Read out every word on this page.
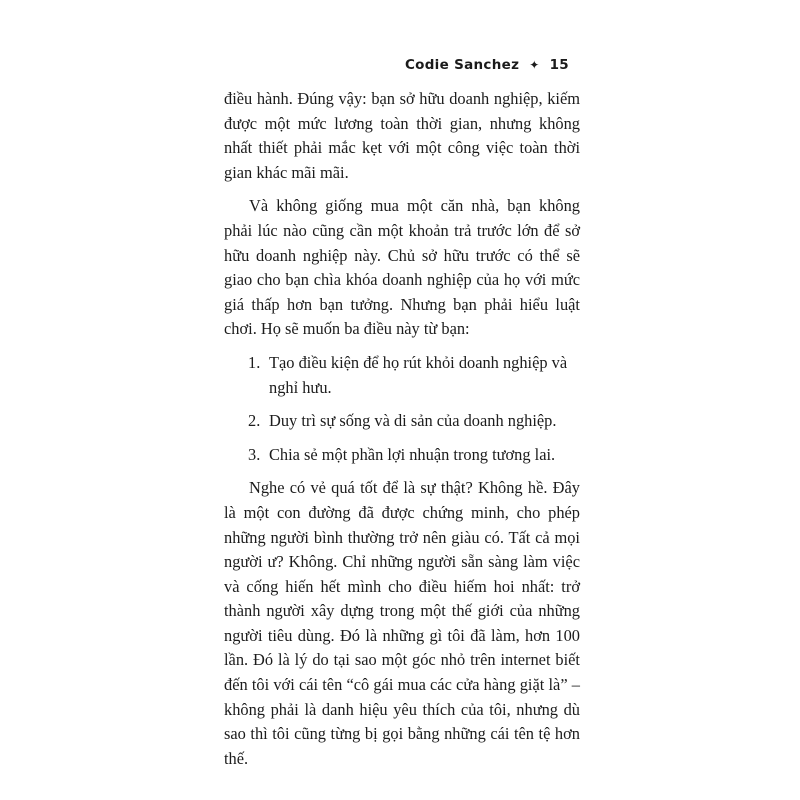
Codie Sanchez ✦ 15

điều hành. Đúng vậy: bạn sở hữu doanh nghiệp, kiếm được một mức lương toàn thời gian, nhưng không nhất thiết phải mắc kẹt với một công việc toàn thời gian khác mãi mãi.

Và không giống mua một căn nhà, bạn không phải lúc nào cũng cần một khoản trả trước lớn để sở hữu doanh nghiệp này. Chủ sở hữu trước có thể sẽ giao cho bạn chìa khóa doanh nghiệp của họ với mức giá thấp hơn bạn tưởng. Nhưng bạn phải hiểu luật chơi. Họ sẽ muốn ba điều này từ bạn:

1. Tạo điều kiện để họ rút khỏi doanh nghiệp và nghỉ hưu.
2. Duy trì sự sống và di sản của doanh nghiệp.
3. Chia sẻ một phần lợi nhuận trong tương lai.

Nghe có vẻ quá tốt để là sự thật? Không hề. Đây là một con đường đã được chứng minh, cho phép những người bình thường trở nên giàu có. Tất cả mọi người ư? Không. Chỉ những người sẵn sàng làm việc và cống hiến hết mình cho điều hiếm hoi nhất: trở thành người xây dựng trong một thế giới của những người tiêu dùng. Đó là những gì tôi đã làm, hơn 100 lần. Đó là lý do tại sao một góc nhỏ trên internet biết đến tôi với cái tên “cô gái mua các cửa hàng giặt là” – không phải là danh hiệu yêu thích của tôi, nhưng dù sao thì tôi cũng từng bị gọi bằng những cái tên tệ hơn thế.
